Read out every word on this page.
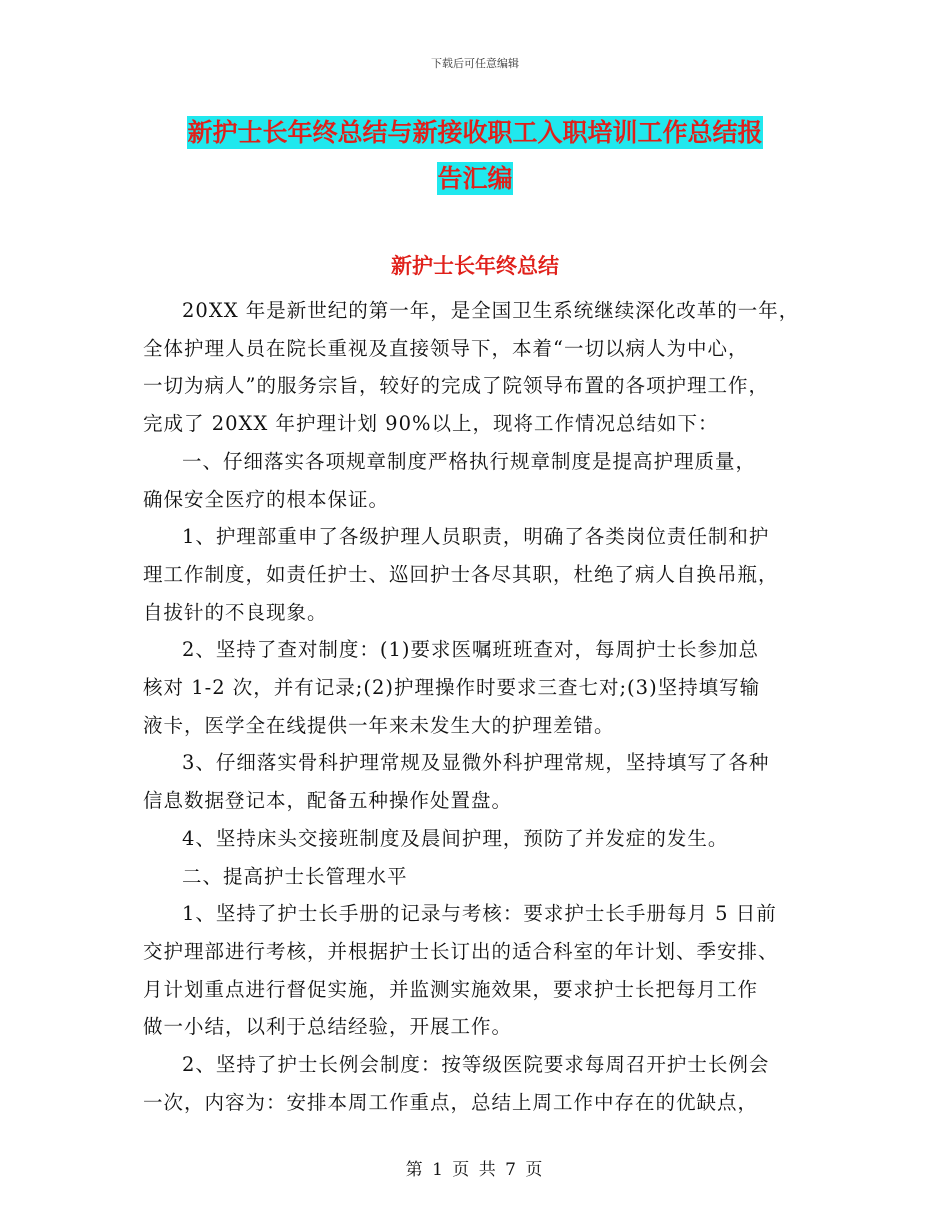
下载后可任意编辑
新护士长年终总结与新接收职工入职培训工作总结报
告汇编
新护士长年终总结

20XX 年是新世纪的第一年，是全国卫生系统继续深化改革的一年，

全体护理人员在院长重视及直接领导下，本着“一切以病人为中心，

一切为病人”的服务宗旨，较好的完成了院领导布置的各项护理工作，

完成了 20XX 年护理计划 90%以上，现将工作情况总结如下：

一、仔细落实各项规章制度严格执行规章制度是提高护理质量，

确保安全医疗的根本保证。

1、护理部重申了各级护理人员职责，明确了各类岗位责任制和护

理工作制度，如责任护士、巡回护士各尽其职，杜绝了病人自换吊瓶，

自拔针的不良现象。

2、坚持了查对制度：(1)要求医嘱班班查对，每周护士长参加总

核对 1-2 次，并有记录;(2)护理操作时要求三查七对;(3)坚持填写输

液卡，医学全在线提供一年来未发生大的护理差错。

3、仔细落实骨科护理常规及显微外科护理常规，坚持填写了各种

信息数据登记本，配备五种操作处置盘。

4、坚持床头交接班制度及晨间护理，预防了并发症的发生。

二、提高护士长管理水平

1、坚持了护士长手册的记录与考核：要求护士长手册每月 5 日前

交护理部进行考核，并根据护士长订出的适合科室的年计划、季安排、

月计划重点进行督促实施，并监测实施效果，要求护士长把每月工作

做一小结，以利于总结经验，开展工作。

2、坚持了护士长例会制度：按等级医院要求每周召开护士长例会

一次，内容为：安排本周工作重点，总结上周工作中存在的优缺点，

第 1 页 共 7 页
